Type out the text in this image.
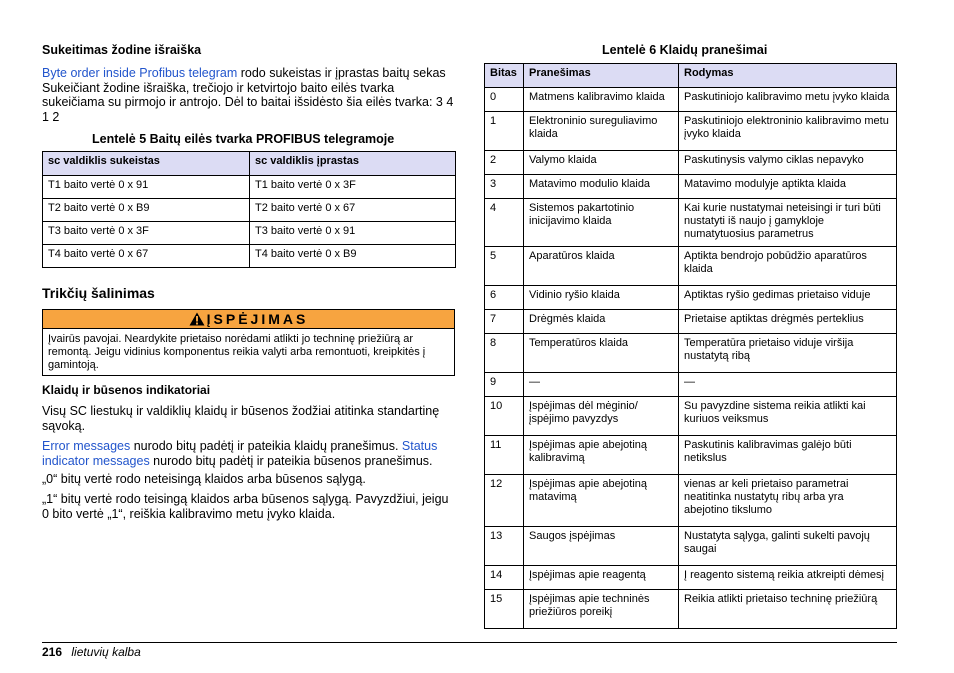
Sukeitimas žodine išraiška
Byte order inside Profibus telegram rodo sukeistas ir įprastas baitų sekas Sukeičiant žodine išraiška, trečiojo ir ketvirtojo baito eilės tvarka sukeičiama su pirmojo ir antrojo. Dėl to baitai išsidėsto šia eilės tvarka: 3 4 1 2
Lentelė 5 Baitų eilės tvarka PROFIBUS telegramoje
sc valdiklis sukeistas	sc valdiklis įprastas
T1 baito vertė 0 x 91	T1 baito vertė 0 x 3F
T2 baito vertė 0 x B9	T2 baito vertė 0 x 67
T3 baito vertė 0 x 3F	T3 baito vertė 0 x 91
T4 baito vertė 0 x 67	T4 baito vertė 0 x B9
Trikčių šalinimas
ĮSPĖJIMAS
Įvairūs pavojai. Neardykite prietaiso norėdami atlikti jo techninę priežiūrą ar remontą. Jeigu vidinius komponentus reikia valyti arba remontuoti, kreipkitės į gamintoją.
Klaidų ir būsenos indikatoriai
Visų SC liestukų ir valdiklių klaidų ir būsenos žodžiai atitinka standartinę sąvoką.
Error messages nurodo bitų padėtį ir pateikia klaidų pranešimus. Status indicator messages nurodo bitų padėtį ir pateikia būsenos pranešimus.
„0“ bitų vertė rodo neteisingą klaidos arba būsenos sąlygą.
„1“ bitų vertė rodo teisingą klaidos arba būsenos sąlygą. Pavyzdžiui, jeigu 0 bito vertė „1“, reiškia kalibravimo metu įvyko klaida.
Lentelė 6 Klaidų pranešimai
Bitas	Pranešimas	Rodymas
0	Matmens kalibravimo klaida	Paskutiniojo kalibravimo metu įvyko klaida
1	Elektroninio sureguliavimo klaida	Paskutiniojo elektroninio kalibravimo metu įvyko klaida
2	Valymo klaida	Paskutinysis valymo ciklas nepavyko
3	Matavimo modulio klaida	Matavimo modulyje aptikta klaida
4	Sistemos pakartotinio inicijavimo klaida	Kai kurie nustatymai neteisingi ir turi būti nustatyti iš naujo į gamykloje numatytuosius parametrus
5	Aparatūros klaida	Aptikta bendrojo pobūdžio aparatūros klaida
6	Vidinio ryšio klaida	Aptiktas ryšio gedimas prietaiso viduje
7	Drėgmės klaida	Prietaise aptiktas drėgmės perteklius
8	Temperatūros klaida	Temperatūra prietaiso viduje viršija nustatytą ribą
9	—	—
10	Įspėjimas dėl mėginio/ įspėjimo pavyzdys	Su pavyzdine sistema reikia atlikti kai kuriuos veiksmus
11	Įspėjimas apie abejotiną kalibravimą	Paskutinis kalibravimas galėjo būti netikslus
12	Įspėjimas apie abejotiną matavimą	vienas ar keli prietaiso parametrai neatitinka nustatytų ribų arba yra abejotino tikslumo
13	Saugos įspėjimas	Nustatyta sąlyga, galinti sukelti pavojų saugai
14	Įspėjimas apie reagentą	Į reagento sistemą reikia atkreipti dėmesį
15	Įspėjimas apie techninės priežiūros poreikį	Reikia atlikti prietaiso techninę priežiūrą
216 lietuvių kalba
